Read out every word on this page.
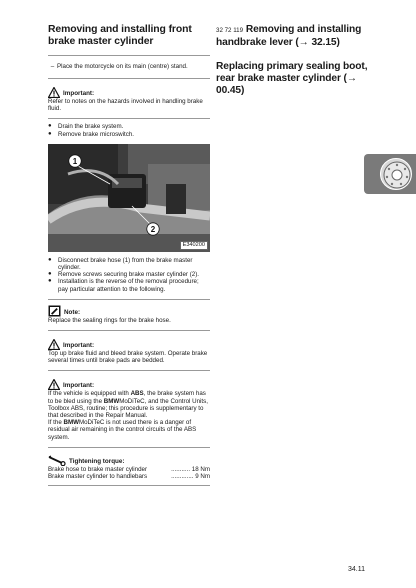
Removing and installing front brake master cylinder
– Place the motorcycle on its main (centre) stand.
Important:
Refer to notes on the hazards involved in handling brake fluid.
●	Drain the brake system.
●	Remove brake microswitch.
1
2
E340200
●	Disconnect brake hose (1) from the brake master cylinder.
●	Remove screws securing brake master cylinder (2).
●	Installation is the reverse of the removal procedure; pay particular attention to the following.
Note:
Replace the sealing rings for the brake hose.
Important:
Top up brake fluid and bleed brake system. Operate brake several times until brake pads are bedded.
Important:
If the vehicle is equipped with ABS, the brake system has to be bled using the BMWMoDiTeC, and the Control Units, Toolbox ABS, routine; this procedure is supplementary to that described in the Repair Manual.
If the BMWMoDiTeC is not used there is a danger of residual air remaining in the control circuits of the ABS system.
Tightening torque:
Brake hose to brake master cylinder	........... 18 Nm
Brake master cylinder to handlebars	............. 9 Nm
32 72 119 Removing and installing handbrake lever (→ 32.15)
Replacing primary sealing boot, rear brake master cylinder (→ 00.45)
34.11
